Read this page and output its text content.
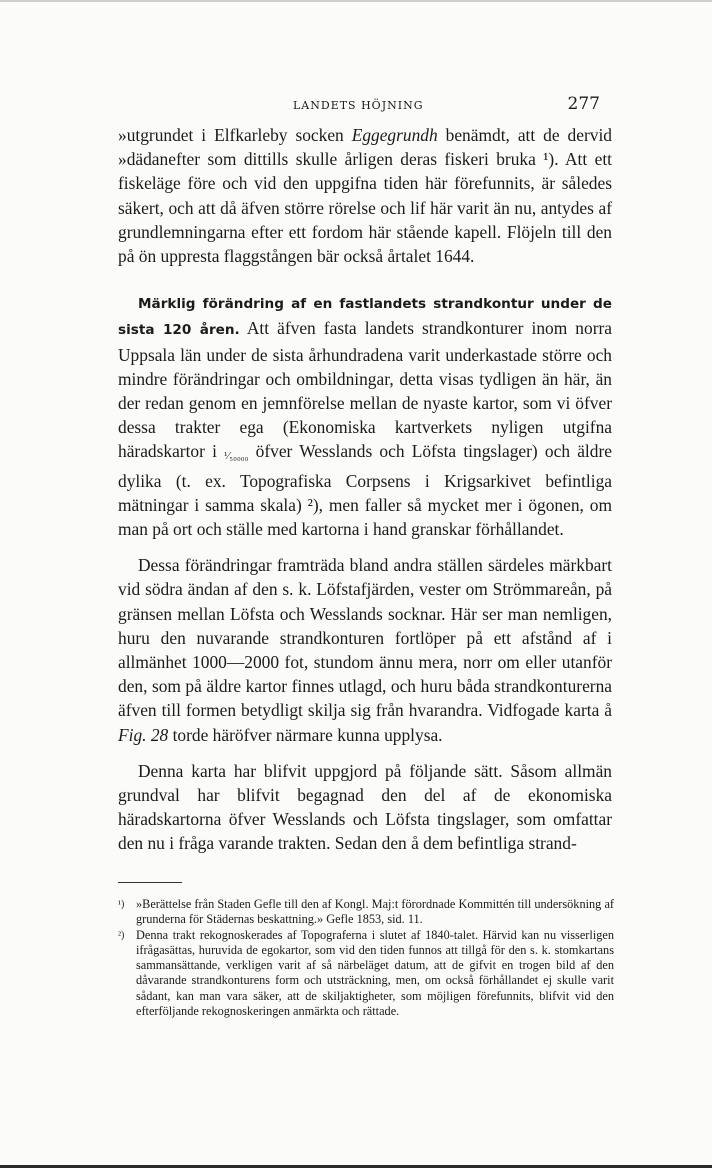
LANDETS HÖJNING	277

»utgrundet i Elfkarleby socken Eggegrundh benämdt, att de dervid »dädanefter som dittills skulle årligen deras fiskeri bruka ¹). Att ett fiskeläge före och vid den uppgifna tiden här förefunnits, är således säkert, och att då äfven större rörelse och lif här varit än nu, antydes af grundlemningarna efter ett fordom här stående kapell. Flöjeln till den på ön uppresta flaggstången bär också årtalet 1644.

Märklig förändring af en fastlandets strandkontur under de sista 120 åren. Att äfven fasta landets strandkonturer inom norra Uppsala län under de sista århundradena varit underkastade större och mindre förändringar och ombildningar, detta visas tydligen än här, än der redan genom en jemnförelse mellan de nyaste kartor, som vi öfver dessa trakter ega (Ekonomiska kartverkets nyligen utgifna häradskartor i ¹⁄₅₀₀₀₀ öfver Wesslands och Löfsta tingslager) och äldre dylika (t. ex. Topografiska Corpsens i Krigsarkivet befintliga mätningar i samma skala) ²), men faller så mycket mer i ögonen, om man på ort och ställe med kartorna i hand granskar förhållandet.

Dessa förändringar framträda bland andra ställen särdeles märkbart vid södra ändan af den s. k. Löfstafjärden, vester om Strömmareån, på gränsen mellan Löfsta och Wesslands socknar. Här ser man nemligen, huru den nuvarande strandkonturen fortlöper på ett afstånd af i allmänhet 1000—2000 fot, stundom ännu mera, norr om eller utanför den, som på äldre kartor finnes utlagd, och huru båda strandkonturerna äfven till formen betydligt skilja sig från hvarandra. Vidfogade karta å Fig. 28 torde häröfver närmare kunna upplysa.

Denna karta har blifvit uppgjord på följande sätt. Såsom allmän grundval har blifvit begagnad den del af de ekonomiska häradskartorna öfver Wesslands och Löfsta tingslager, som omfattar den nu i fråga varande trakten. Sedan den å dem befintliga strand-

¹) »Berättelse från Staden Gefle till den af Kongl. Maj:t förordnade Kommittén till undersökning af grunderna för Städernas beskattning.» Gefle 1853, sid. 11.

²) Denna trakt rekognoskerades af Topograferna i slutet af 1840-talet. Härvid kan nu visserligen ifrågasättas, huruvida de egokartor, som vid den tiden funnos att tillgå för den s. k. stomkartans sammansättande, verkligen varit af så närbeläget datum, att de gifvit en trogen bild af den dåvarande strandkonturens form och utsträckning, men, om också förhållandet ej skulle varit sådant, kan man vara säker, att de skiljaktigheter, som möjligen förefunnits, blifvit vid den efterföljande rekognoskeringen anmärkta och rättade.
